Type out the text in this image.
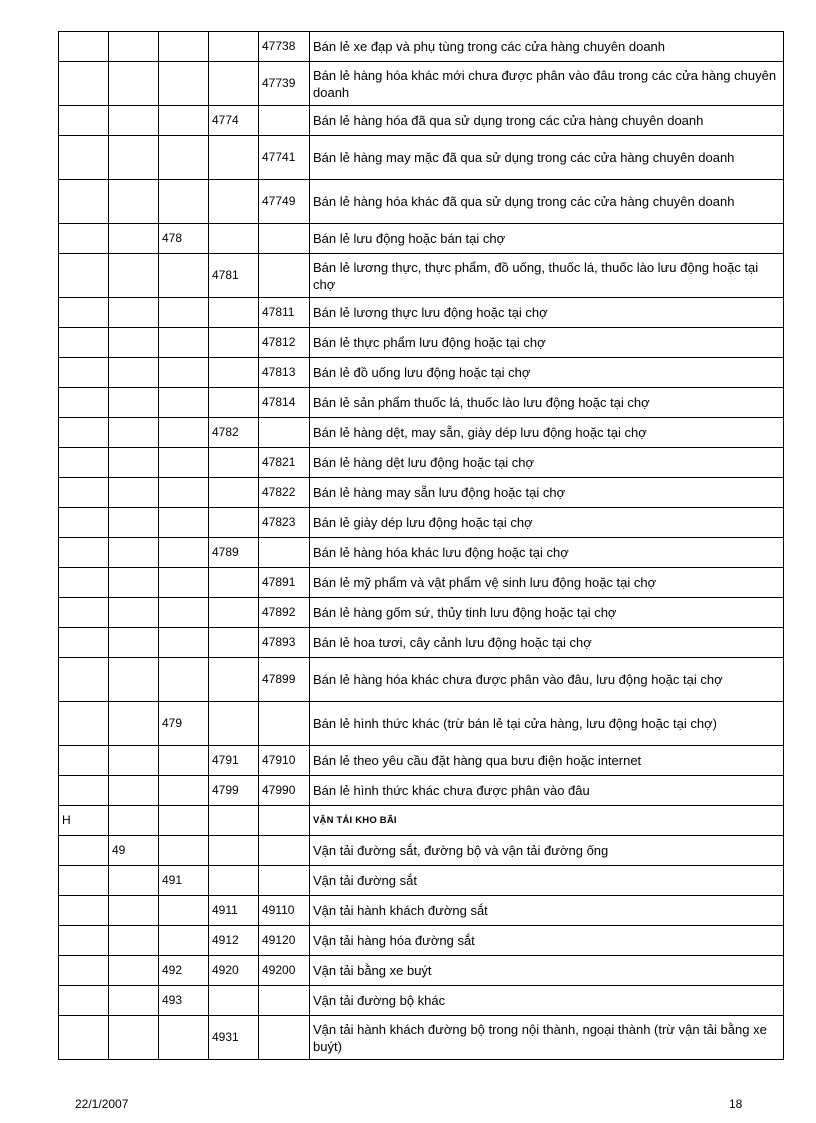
				47738	Bán lẻ xe đạp và phụ tùng trong các cửa hàng chuyên doanh
				47739	Bán lẻ hàng hóa khác mới chưa được phân vào đâu trong các cửa hàng chuyên doanh
			4774		Bán lẻ hàng hóa đã qua sử dụng trong các cửa hàng chuyên doanh
				47741	Bán lẻ hàng may mặc đã qua sử dụng trong các cửa hàng chuyên doanh
				47749	Bán lẻ hàng hóa khác đã qua sử dụng trong các cửa hàng chuyên doanh
		478			Bán lẻ lưu động hoặc bán tại chợ
			4781		Bán lẻ lương thực, thực phẩm, đồ uống, thuốc lá, thuốc lào lưu động hoặc tại chợ
				47811	Bán lẻ lương thực lưu động hoặc tại chợ
				47812	Bán lẻ thực phẩm lưu động hoặc tại chợ
				47813	Bán lẻ đồ uống lưu động hoặc tại chợ
				47814	Bán lẻ sản phẩm thuốc lá, thuốc lào lưu động hoặc tại chợ
			4782		Bán lẻ hàng dệt, may sẵn, giày dép lưu động hoặc tại chợ
				47821	Bán lẻ hàng dệt lưu động hoặc tại chợ
				47822	Bán lẻ hàng may sẵn lưu động hoặc tại chợ
				47823	Bán lẻ giày dép lưu động hoặc tại chợ
			4789		Bán lẻ hàng hóa khác lưu động hoặc tại chợ
				47891	Bán lẻ mỹ phẩm và vật phẩm vệ sinh lưu động hoặc tại chợ
				47892	Bán lẻ hàng gốm sứ, thủy tinh lưu động hoặc tại chợ
				47893	Bán lẻ hoa tươi, cây cảnh lưu động hoặc tại chợ
				47899	Bán lẻ hàng hóa khác chưa được phân vào đâu, lưu động hoặc tại chợ
		479			Bán lẻ hình thức khác (trừ bán lẻ tại cửa hàng, lưu động hoặc tại chợ)
			4791	47910	Bán lẻ theo yêu cầu đặt hàng qua bưu điện hoặc internet
			4799	47990	Bán lẻ hình thức khác chưa được phân vào đâu
H					VẬN TẢI KHO BÃI
	49				Vận tải đường sắt, đường bộ và vận tải đường ống
		491			Vận tải đường sắt
			4911	49110	Vận tải hành khách đường sắt
			4912	49120	Vận tải hàng hóa đường sắt
		492	4920	49200	Vận tải bằng xe buýt
		493			Vận tải đường bộ khác
			4931		Vận tải hành khách đường bộ trong nội thành, ngoại thành (trừ vận tải bằng xe buýt)
22/1/2007	18
